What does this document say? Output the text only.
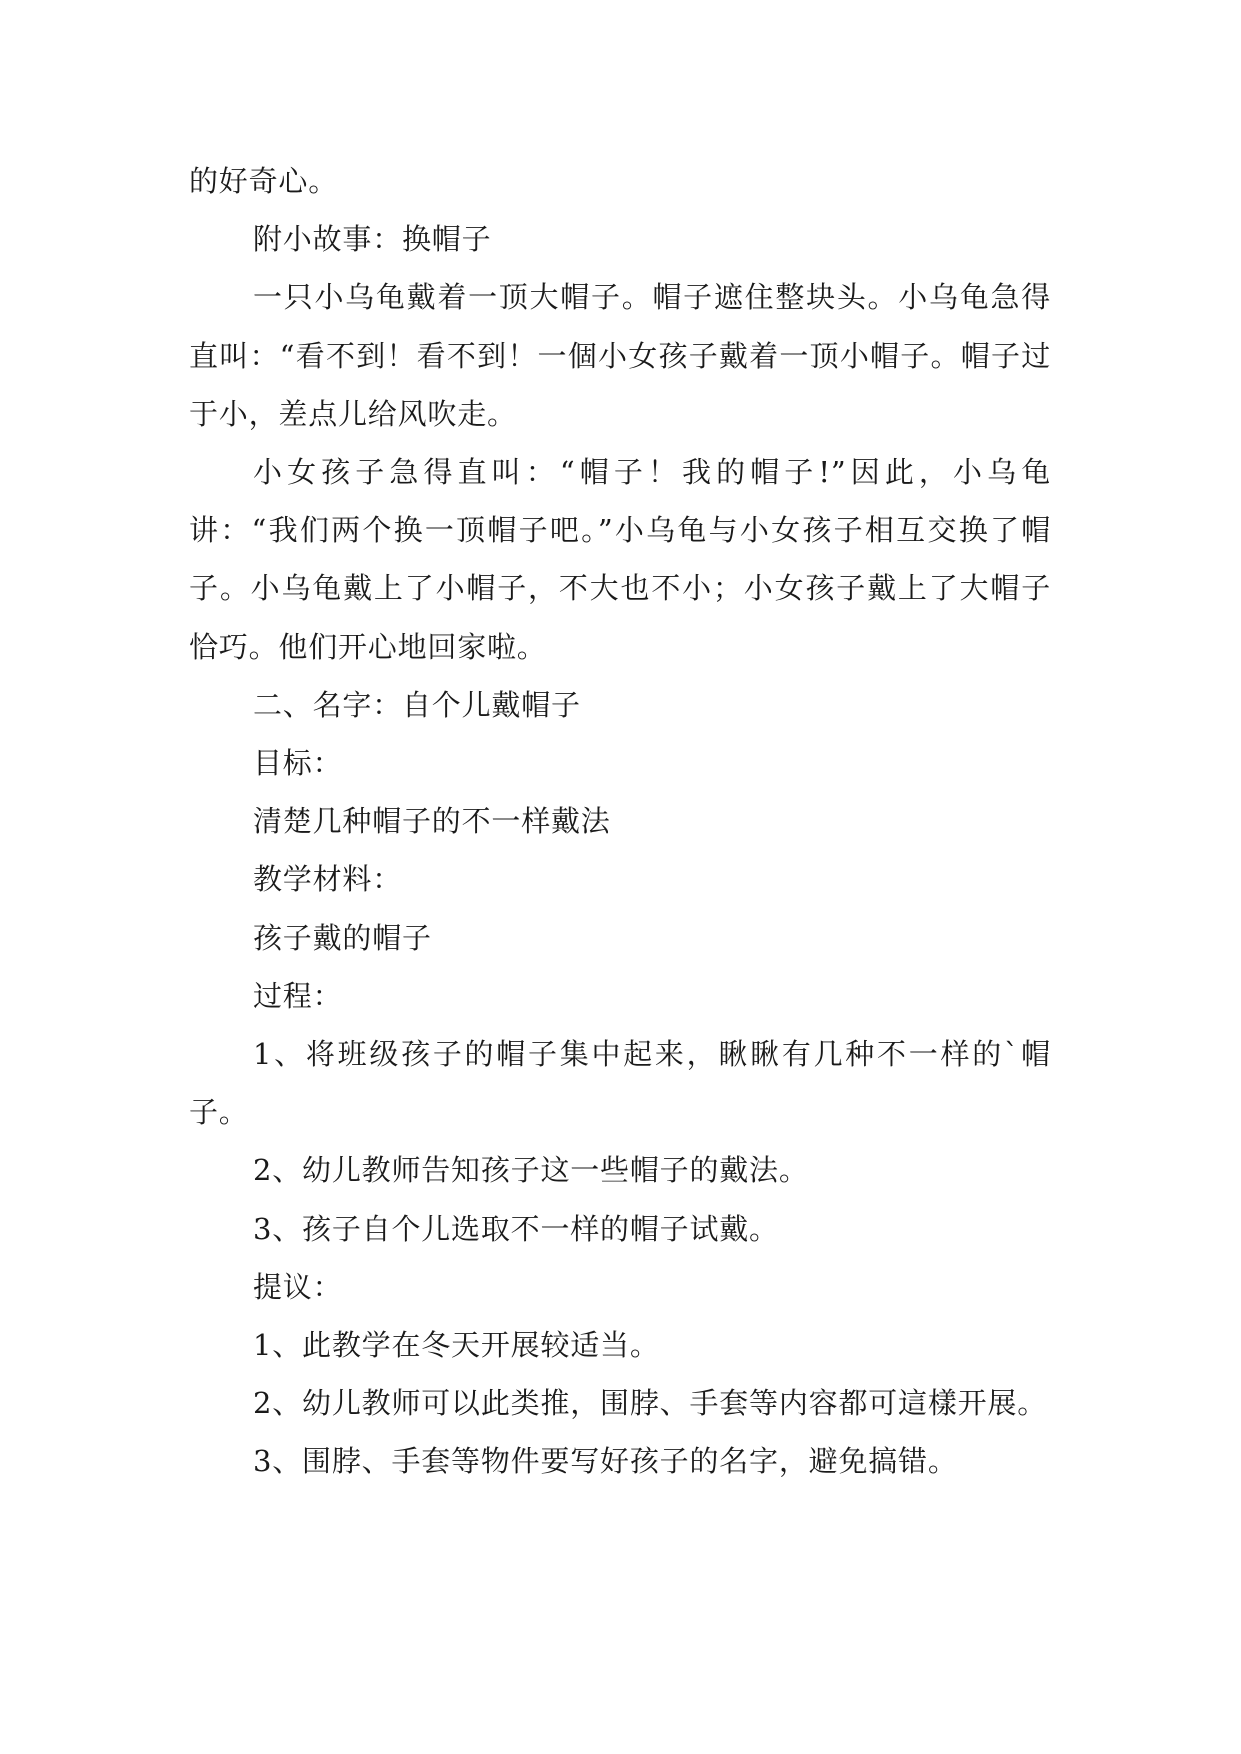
的好奇心。

附小故事：换帽子

一只小乌龟戴着一顶大帽子。帽子遮住整块头。小乌龟急得直叫：“看不到！看不到！一個小女孩子戴着一顶小帽子。帽子过于小，差点儿给风吹走。

小女孩子急得直叫：“帽子！我的帽子!”因此，小乌龟讲：“我们两个换一顶帽子吧。”小乌龟与小女孩子相互交换了帽子。小乌龟戴上了小帽子，不大也不小；小女孩子戴上了大帽子恰巧。他们开心地回家啦。

二、名字：自个儿戴帽子

目标：

清楚几种帽子的不一样戴法

教学材料：

孩子戴的帽子

过程：

1、将班级孩子的帽子集中起来，瞅瞅有几种不一样的`帽子。

2、幼儿教师告知孩子这一些帽子的戴法。

3、孩子自个儿选取不一样的帽子试戴。

提议：

1、此教学在冬天开展较适当。

2、幼儿教师可以此类推，围脖、手套等内容都可這樣开展。

3、围脖、手套等物件要写好孩子的名字，避免搞错。
